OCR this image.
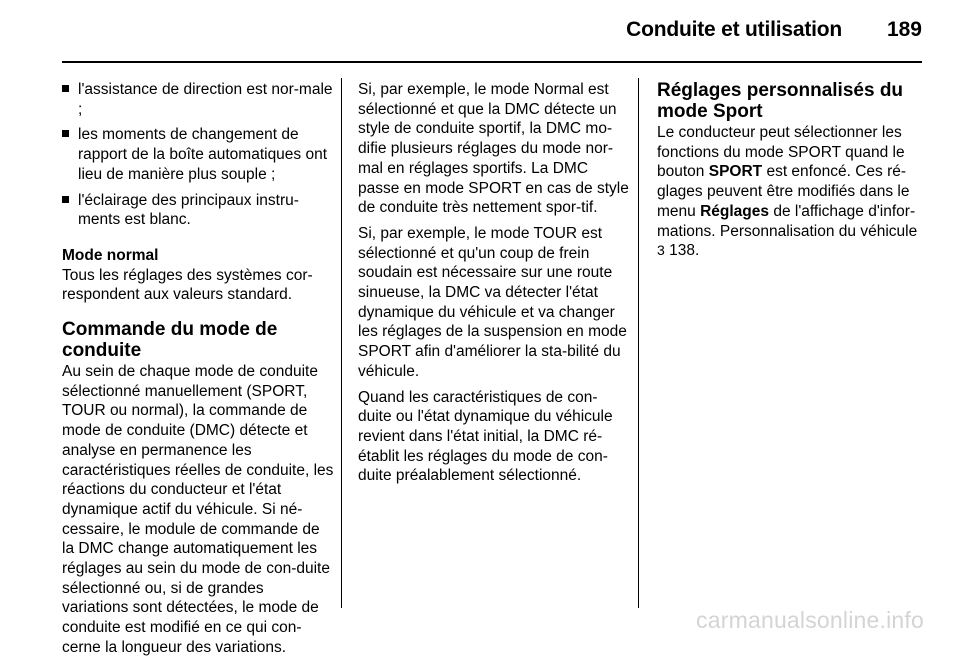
Conduite et utilisation 189
l'assistance de direction est nor-male ;
les moments de changement de rapport de la boîte automatiques ont lieu de manière plus souple ;
l'éclairage des principaux instru-ments est blanc.
Mode normal
Tous les réglages des systèmes cor-respondent aux valeurs standard.
Commande du mode de conduite
Au sein de chaque mode de conduite sélectionné manuellement (SPORT, TOUR ou normal), la commande de mode de conduite (DMC) détecte et analyse en permanence les caractéristiques réelles de conduite, les réactions du conducteur et l'état dynamique actif du véhicule. Si né-cessaire, le module de commande de la DMC change automatiquement les réglages au sein du mode de con-duite sélectionné ou, si de grandes variations sont détectées, le mode de conduite est modifié en ce qui con-cerne la longueur des variations.

Si, par exemple, le mode Normal est sélectionné et que la DMC détecte un style de conduite sportif, la DMC mo-difie plusieurs réglages du mode nor-mal en réglages sportifs. La DMC passe en mode SPORT en cas de style de conduite très nettement spor-tif.

Si, par exemple, le mode TOUR est sélectionné et qu'un coup de frein soudain est nécessaire sur une route sinueuse, la DMC va détecter l'état dynamique du véhicule et va changer les réglages de la suspension en mode SPORT afin d'améliorer la sta-bilité du véhicule.

Quand les caractéristiques de con-duite ou l'état dynamique du véhicule revient dans l'état initial, la DMC ré-établit les réglages du mode de con-duite préalablement sélectionné.

Réglages personnalisés du mode Sport
Le conducteur peut sélectionner les fonctions du mode SPORT quand le bouton SPORT est enfoncé. Ces ré-glages peuvent être modifiés dans le menu Réglages de l'affichage d'infor-mations. Personnalisation du véhicule 3 138.
carmanualsonline.info
